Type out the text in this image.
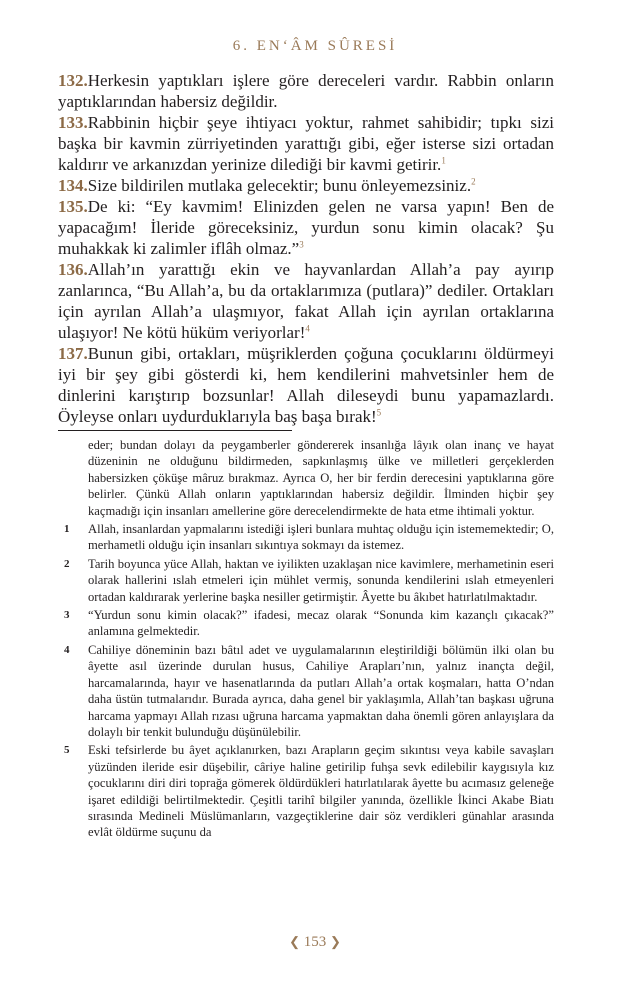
6. EN‘ÂM SÛRESİ

132.Herkesin yaptıkları işlere göre dereceleri vardır. Rabbin onların yaptıklarından habersiz değildir.

133.Rabbinin hiçbir şeye ihtiyacı yoktur, rahmet sahibidir; tıpkı sizi başka bir kavmin zürriyetinden yarattığı gibi, eğer isterse sizi ortadan kaldırır ve arkanızdan yerinize dilediği bir kavmi getirir.$^1$

134.Size bildirilen mutlaka gelecektir; bunu önleyemezsiniz.$^2$

135.De ki: “Ey kavmim! Elinizden gelen ne varsa yapın! Ben de yapacağım! İleride göreceksiniz, yurdun sonu kimin olacak? Şu muhakkak ki zalimler iflâh olmaz.”$^3$

136.Allah’ın yarattığı ekin ve hayvanlardan Allah’a pay ayırıp zanlarınca, “Bu Allah’a, bu da ortaklarımıza (putlara)” dediler. Ortakları için ayrılan Allah’a ulaşmıyor, fakat Allah için ayrılan ortaklarına ulaşıyor! Ne kötü hüküm veriyorlar!$^4$

137.Bunun gibi, ortakları, müşriklerden çoğuna çocuklarını öldürmeyi iyi bir şey gibi gösterdi ki, hem kendilerini mahvetsinler hem de dinlerini karıştırıp bozsunlar! Allah dileseydi bunu yapamazlardı. Öyleyse onları uydurduklarıyla baş başa bırak!$^5$

eder; bundan dolayı da peygamberler göndererek insanlığa lâyık olan inanç ve hayat düzeninin ne olduğunu bildirmeden, sapkınlaşmış ülke ve milletleri gerçeklerden habersizken çöküşe mâruz bırakmaz. Ayrıca O, her bir ferdin derecesini yaptıklarına göre belirler. Çünkü Allah onların yaptıklarından habersiz değildir. İlminden hiçbir şey kaçmadığı için insanları amellerine göre derecelendirmekte de hata etme ihtimali yoktur.
1	Allah, insanlardan yapmalarını istediği işleri bunlara muhtaç olduğu için istememektedir; O, merhametli olduğu için insanları sıkıntıya sokmayı da istemez.
2	Tarih boyunca yüce Allah, haktan ve iyilikten uzaklaşan nice kavimlere, merhametinin eseri olarak hallerini ıslah etmeleri için mühlet vermiş, sonunda kendilerini ıslah etmeyenleri ortadan kaldırarak yerlerine başka nesiller getirmiştir. Âyette bu âkıbet hatırlatılmaktadır.
3	“Yurdun sonu kimin olacak?” ifadesi, mecaz olarak “Sonunda kim kazançlı çıkacak?” anlamına gelmektedir.
4	Cahiliye döneminin bazı bâtıl adet ve uygulamalarının eleştirildiği bölümün ilki olan bu âyette asıl üzerinde durulan husus, Cahiliye Arapları’nın, yalnız inançta değil, harcamalarında, hayır ve hasenatlarında da putları Allah’a ortak koşmaları, hatta O’ndan daha üstün tutmalarıdır. Burada ayrıca, daha genel bir yaklaşımla, Allah’tan başkası uğruna harcama yapmayı Allah rızası uğruna harcama yapmaktan daha önemli gören anlayışlara da dolaylı bir tenkit bulunduğu düşünülebilir.
5	Eski tefsirlerde bu âyet açıklanırken, bazı Arapların geçim sıkıntısı veya kabile savaşları yüzünden ileride esir düşebilir, câriye haline getirilip fuhşa sevk edilebilir kaygısıyla kız çocuklarını diri diri toprağa gömerek öldürdükleri hatırlatılarak âyette bu acımasız geleneğe işaret edildiği belirtilmektedir. Çeşitli tarihî bilgiler yanında, özellikle İkinci Akabe Biatı sırasında Medineli Müslümanların, vazgeçtiklerine dair söz verdikleri günahlar arasında evlât öldürme suçunu da
❮ 153 ❯
